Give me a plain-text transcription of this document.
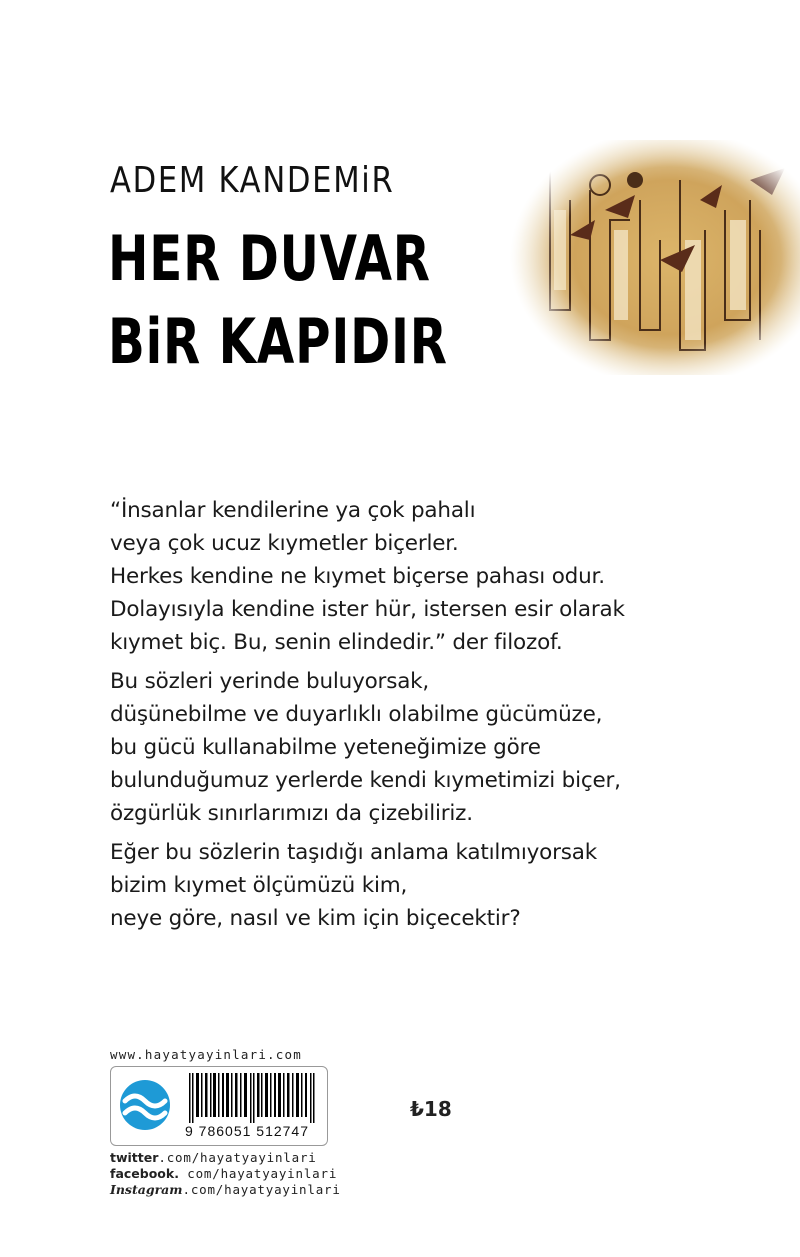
ADEM KANDEMiR
HER DUVAR
BiR KAPIDIR

“İnsanlar kendilerine ya çok pahalı
veya çok ucuz kıymetler biçerler.
Herkes kendine ne kıymet biçerse pahası odur.
Dolayısıyla kendine ister hür, istersen esir olarak
kıymet biç. Bu, senin elindedir.” der filozof.

Bu sözleri yerinde buluyorsak,
düşünebilme ve duyarlıklı olabilme gücümüze,
bu gücü kullanabilme yeteneğimize göre
bulunduğumuz yerlerde kendi kıymetimizi biçer,
özgürlük sınırlarımızı da çizebiliriz.

Eğer bu sözlerin taşıdığı anlama katılmıyorsak
bizim kıymet ölçümüzü kim,
neye göre, nasıl ve kim için biçecektir?

www.hayatyayinlari.com
9 786051 512747
₺18
twitter.com/hayatyayinlari
facebook. com/hayatyayinlari
Instagram.com/hayatyayinlari
